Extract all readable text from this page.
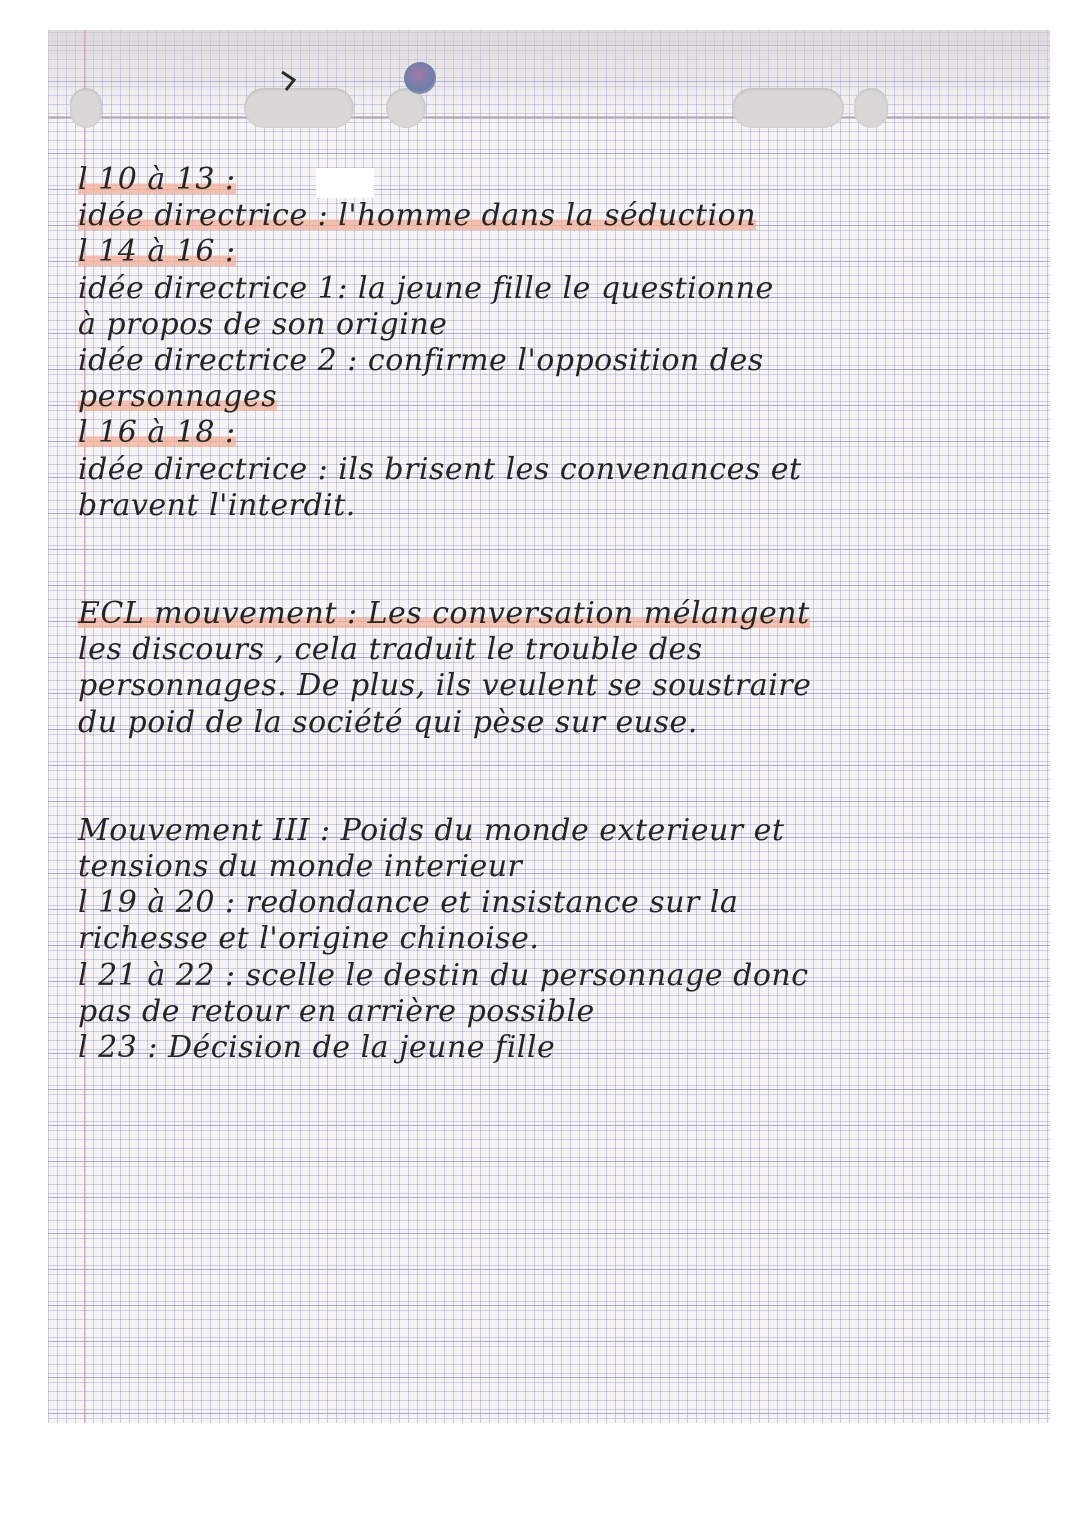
l 10 à 13 :
idée directrice : l'homme dans la séduction
l 14 à 16 :
idée directrice 1: la jeune fille le questionne
à propos de son origine
idée directrice 2 : confirme l'opposition des
personnages
l 16 à 18 :
idée directrice : ils brisent les convenances et
bravent l'interdit.
ECL mouvement : Les conversation mélangent
les discours , cela traduit le trouble des
personnages. De plus, ils veulent se soustraire
du poid de la société qui pèse sur euse.
Mouvement III : Poids du monde exterieur et
tensions du monde interieur
l 19 à 20 : redondance et insistance sur la
richesse et l'origine chinoise.
l 21 à 22 : scelle le destin du personnage donc
pas de retour en arrière possible
l 23 : Décision de la jeune fille
